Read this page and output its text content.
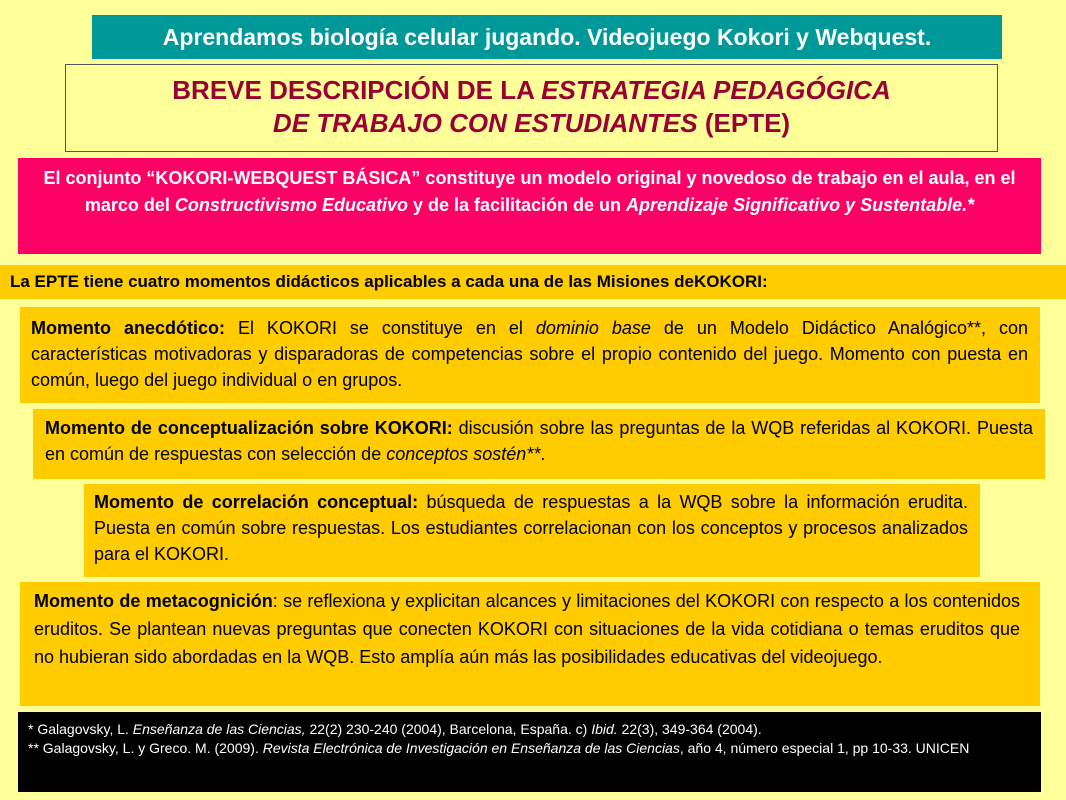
Aprendamos biología celular jugando. Videojuego Kokori y Webquest.
BREVE DESCRIPCIÓN DE LA ESTRATEGIA PEDAGÓGICA
DE TRABAJO CON ESTUDIANTES (EPTE)
El conjunto “KOKORI-WEBQUEST BÁSICA” constituye un modelo original y novedoso de trabajo en el aula, en el marco del Constructivismo Educativo y de la facilitación de un Aprendizaje Significativo y Sustentable.*
La EPTE tiene cuatro momentos didácticos aplicables a cada una de las Misiones de KOKORI:
Momento anecdótico: El KOKORI se constituye en el dominio base de un Modelo Didáctico Analógico**, con características motivadoras y disparadoras de competencias sobre el propio contenido del juego. Momento con puesta en común, luego del juego individual o en grupos.
Momento de conceptualización sobre KOKORI: discusión sobre las preguntas de la WQB referidas al KOKORI. Puesta en común de respuestas con selección de conceptos sostén**.
Momento de correlación conceptual: búsqueda de respuestas a la WQB sobre la información erudita. Puesta en común sobre respuestas. Los estudiantes correlacionan con los conceptos y procesos analizados para el KOKORI.
Momento de metacognición: se reflexiona y explicitan alcances y limitaciones del KOKORI con respecto a los contenidos eruditos. Se plantean nuevas preguntas que conecten KOKORI con situaciones de la vida cotidiana o temas eruditos que no hubieran sido abordadas en la WQB. Esto amplía aún más las posibilidades educativas del videojuego.
* Galagovsky, L. Enseñanza de las Ciencias, 22(2) 230-240 (2004), Barcelona, España. c) Ibid. 22(3), 349-364 (2004).
** Galagovsky, L. y Greco. M. (2009). Revista Electrónica de Investigación en Enseñanza de las Ciencias, año 4, número especial 1, pp 10-33. UNICEN
